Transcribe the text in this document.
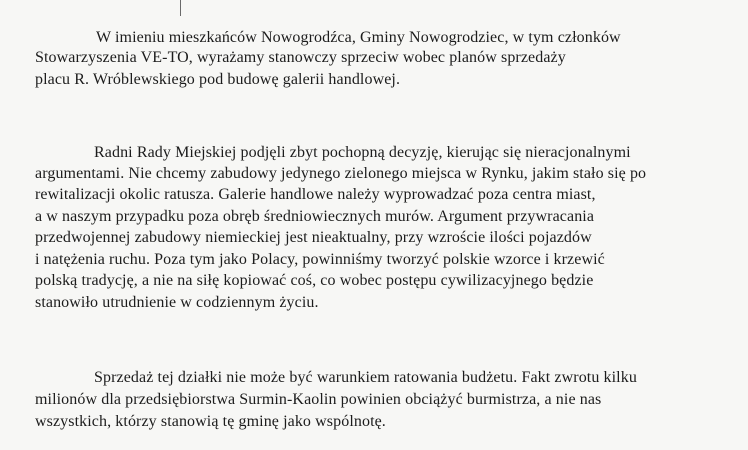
W imieniu mieszkańców Nowogrodźca, Gminy Nowogrodziec, w tym członków
Stowarzyszenia VE-TO, wyrażamy stanowczy sprzeciw wobec planów sprzedaży
placu R. Wróblewskiego pod budowę galerii handlowej.
Radni Rady Miejskiej podjęli zbyt pochopną decyzję, kierując się nieracjonalnymi
argumentami. Nie chcemy zabudowy jedynego zielonego miejsca w Rynku, jakim stało się po
rewitalizacji okolic ratusza. Galerie handlowe należy wyprowadzać poza centra miast,
a w naszym przypadku poza obręb średniowiecznych murów. Argument przywracania
przedwojennej zabudowy niemieckiej jest nieaktualny, przy wzroście ilości pojazdów
i natężenia ruchu. Poza tym jako Polacy, powinniśmy tworzyć polskie wzorce i krzewić
polską tradycję, a nie na siłę kopiować coś, co wobec postępu cywilizacyjnego będzie
stanowiło utrudnienie w codziennym życiu.
Sprzedaż tej działki nie może być warunkiem ratowania budżetu. Fakt zwrotu kilku
milionów dla przedsiębiorstwa Surmin-Kaolin powinien obciążyć burmistrza, a nie nas
wszystkich, którzy stanowią tę gminę jako wspólnotę.
